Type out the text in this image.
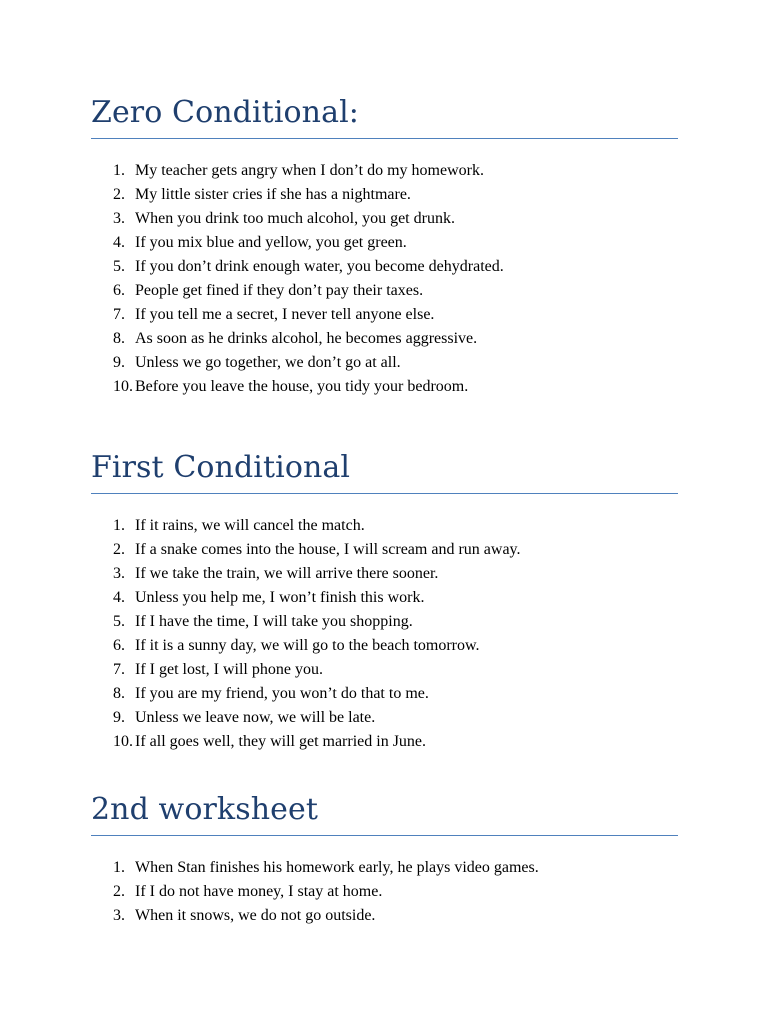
Zero Conditional:
1. My teacher gets angry when I don’t do my homework.
2. My little sister cries if she has a nightmare.
3. When you drink too much alcohol, you get drunk.
4. If you mix blue and yellow, you get green.
5. If you don’t drink enough water, you become dehydrated.
6. People get fined if they don’t pay their taxes.
7. If you tell me a secret, I never tell anyone else.
8. As soon as he drinks alcohol, he becomes aggressive.
9. Unless we go together, we don’t go at all.
10. Before you leave the house, you tidy your bedroom.
First Conditional
1. If it rains, we will cancel the match.
2. If a snake comes into the house, I will scream and run away.
3. If we take the train, we will arrive there sooner.
4. Unless you help me, I won’t finish this work.
5. If I have the time, I will take you shopping.
6. If it is a sunny day, we will go to the beach tomorrow.
7. If I get lost, I will phone you.
8. If you are my friend, you won’t do that to me.
9. Unless we leave now, we will be late.
10. If all goes well, they will get married in June.
2nd worksheet
1. When Stan finishes his homework early, he plays video games.
2. If I do not have money, I stay at home.
3. When it snows, we do not go outside.
